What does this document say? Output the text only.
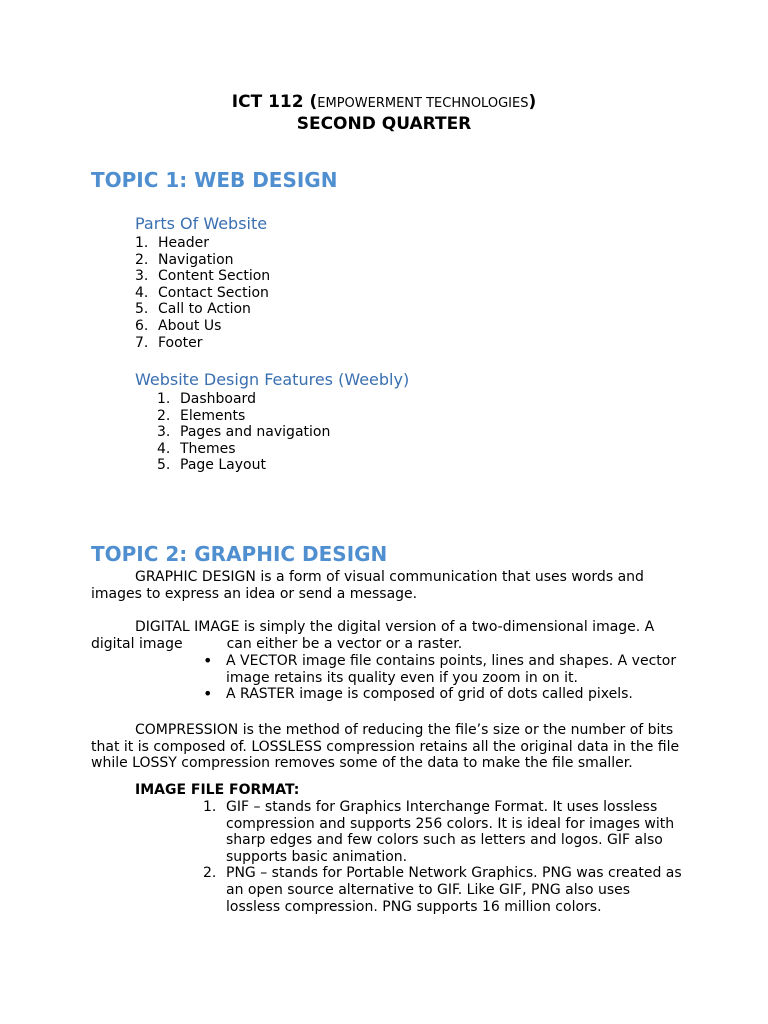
ICT 112 (EMPOWERMENT TECHNOLOGIES)
SECOND QUARTER
TOPIC 1: WEB DESIGN
Parts Of Website
1. Header
2. Navigation
3. Content Section
4. Contact Section
5. Call to Action
6. About Us
7. Footer
Website Design Features (Weebly)
1. Dashboard
2. Elements
3. Pages and navigation
4. Themes
5. Page Layout
TOPIC 2: GRAPHIC DESIGN
GRAPHIC DESIGN is a form of visual communication that uses words and
images to express an idea or send a message.
DIGITAL IMAGE is simply the digital version of a two-dimensional image. A
digital image	can either be a vector or a raster.
• A VECTOR image file contains points, lines and shapes. A vector
image retains its quality even if you zoom in on it.
• A RASTER image is composed of grid of dots called pixels.
COMPRESSION is the method of reducing the file’s size or the number of bits
that it is composed of. LOSSLESS compression retains all the original data in the file
while LOSSY compression removes some of the data to make the file smaller.
IMAGE FILE FORMAT:
1. GIF – stands for Graphics Interchange Format. It uses lossless
compression and supports 256 colors. It is ideal for images with
sharp edges and few colors such as letters and logos. GIF also
supports basic animation.
2. PNG – stands for Portable Network Graphics. PNG was created as
an open source alternative to GIF. Like GIF, PNG also uses
lossless compression. PNG supports 16 million colors.
